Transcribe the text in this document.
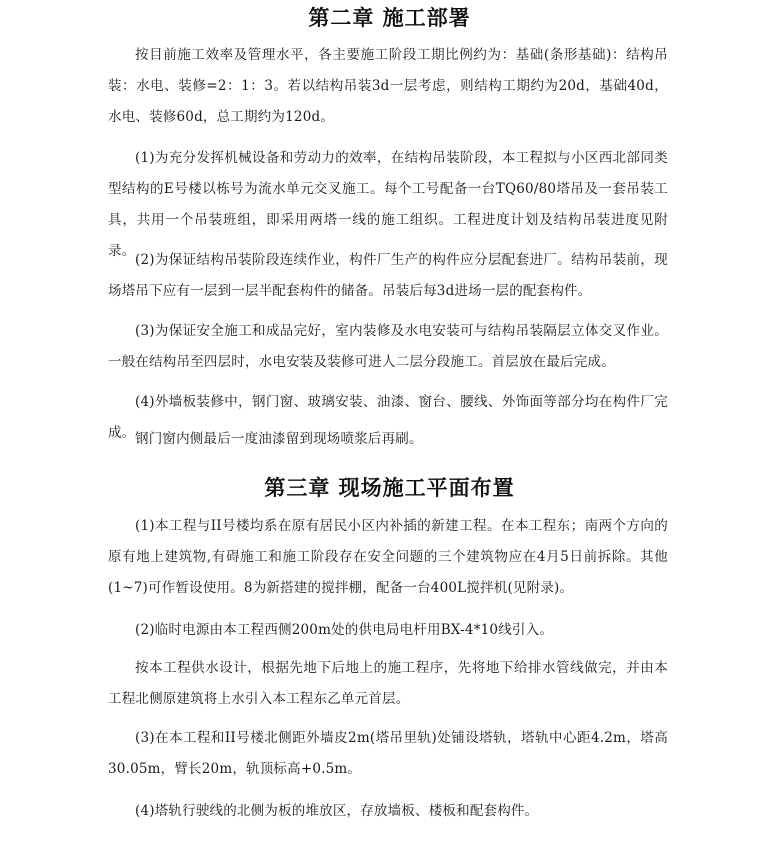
第二章 施工部署

按目前施工效率及管理水平，各主要施工阶段工期比例约为：基础(条形基础)：结构吊装：水电、装修=2：1：3。若以结构吊装3d一层考虑，则结构工期约为20d，基础40d，水电、装修60d，总工期约为120d。

(1)为充分发挥机械设备和劳动力的效率，在结构吊装阶段，本工程拟与小区西北部同类型结构的E号楼以栋号为流水单元交叉施工。每个工号配备一台TQ60/80塔吊及一套吊装工具，共用一个吊装班组，即采用两塔一线的施工组织。工程进度计划及结构吊装进度见附录。

(2)为保证结构吊装阶段连续作业，构件厂生产的构件应分层配套进厂。结构吊装前，现场塔吊下应有一层到一层半配套构件的储备。吊装后每3d进场一层的配套构件。

(3)为保证安全施工和成品完好，室内装修及水电安装可与结构吊装隔层立体交叉作业。一般在结构吊至四层时，水电安装及装修可进人二层分段施工。首层放在最后完成。

(4)外墙板装修中，钢门窗、玻璃安装、油漆、窗台、腰线、外饰面等部分均在构件厂完成。 钢门窗内侧最后一度油漆留到现场喷浆后再刷。

第三章 现场施工平面布置

(1)本工程与II号楼均系在原有居民小区内补插的新建工程。在本工程东；南两个方向的原有地上建筑物,有碍施工和施工阶段存在安全问题的三个建筑物应在4月5日前拆除。其他(1~7)可作暂设使用。8为新搭建的搅拌棚，配备一台400L搅拌机(见附录)。

(2)临时电源由本工程西侧200m处的供电局电杆用BX-4*10线引入。

按本工程供水设计，根据先地下后地上的施工程序，先将地下给排水管线做完，并由本工程北侧原建筑将上水引入本工程东乙单元首层。

(3)在本工程和II号楼北侧距外墙皮2m(塔吊里轨)处铺设塔轨，塔轨中心距4.2m，塔高30.05m，臂长20m，轨顶标高+0.5m。

(4)塔轨行驶线的北侧为板的堆放区，存放墙板、楼板和配套构件。
